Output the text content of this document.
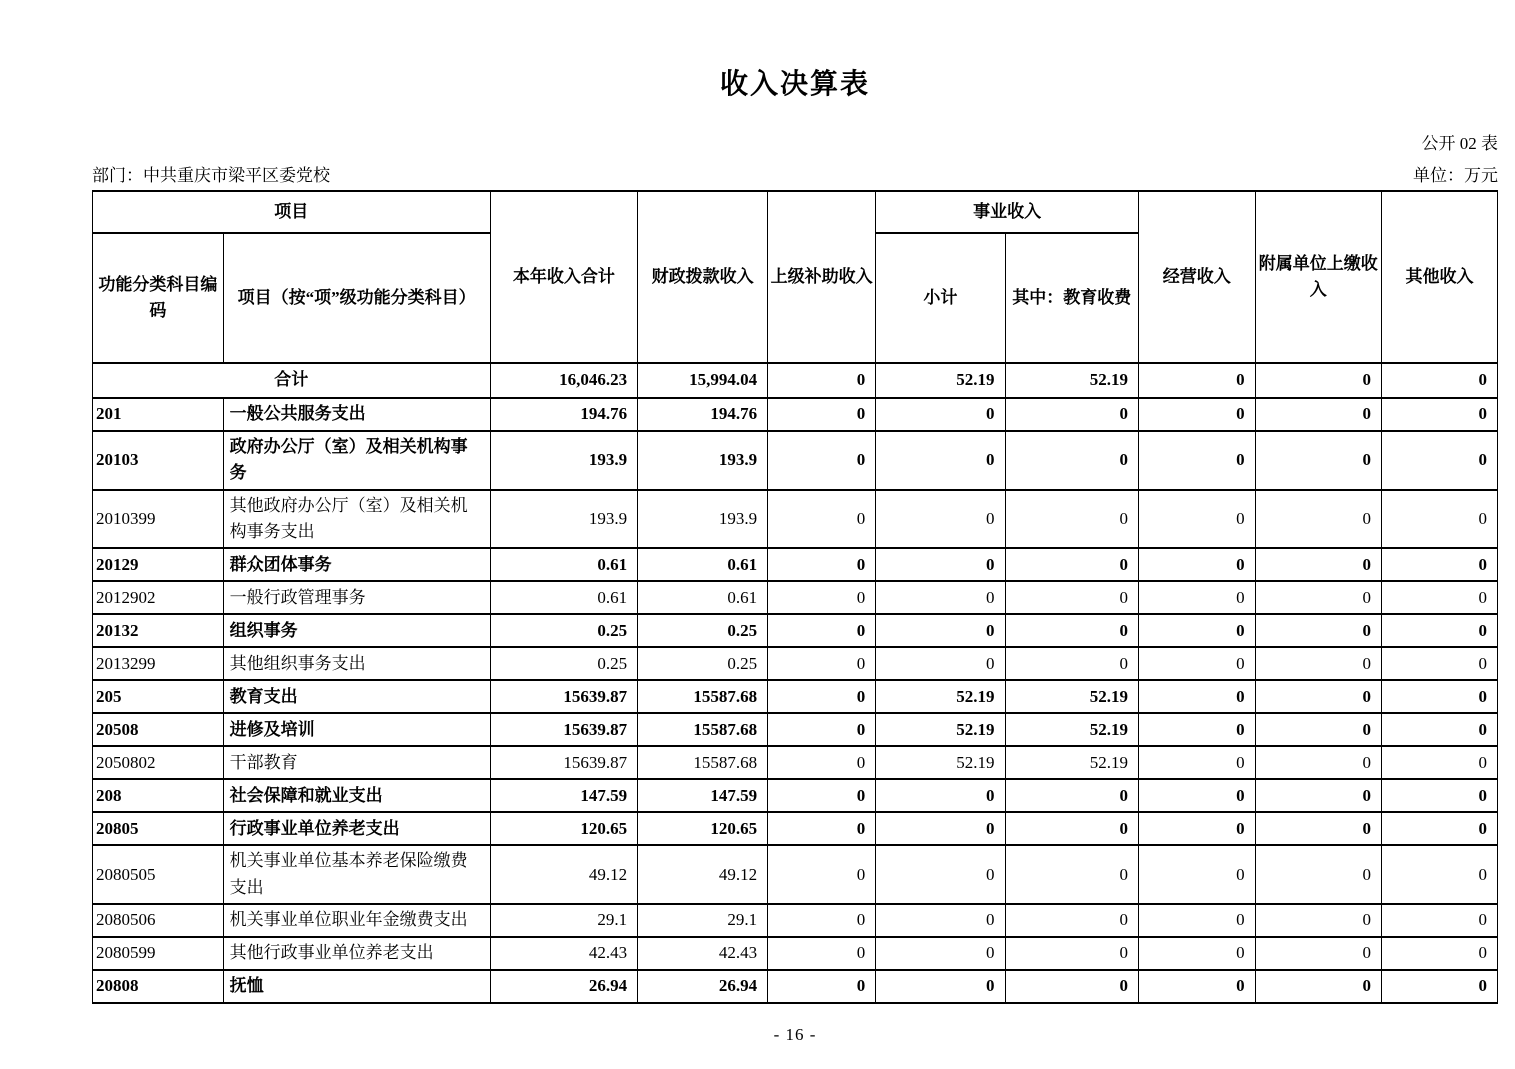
收入决算表
公开 02 表
部门：中共重庆市梁平区委党校	单位：万元
项目		本年收入合计	财政拨款收入	上级补助收入	事业收入		经营收入	附属单位上缴收入	其他收入
功能分类科目编码	项目（按“项”级功能分类科目）				小计	其中：教育收费			
合计		16,046.23	15,994.04	0	52.19	52.19	0	0	0
201	一般公共服务支出	194.76	194.76	0	0	0	0	0	0
20103	政府办公厅（室）及相关机构事务	193.9	193.9	0	0	0	0	0	0
2010399	其他政府办公厅（室）及相关机构事务支出	193.9	193.9	0	0	0	0	0	0
20129	群众团体事务	0.61	0.61	0	0	0	0	0	0
2012902	一般行政管理事务	0.61	0.61	0	0	0	0	0	0
20132	组织事务	0.25	0.25	0	0	0	0	0	0
2013299	其他组织事务支出	0.25	0.25	0	0	0	0	0	0
205	教育支出	15639.87	15587.68	0	52.19	52.19	0	0	0
20508	进修及培训	15639.87	15587.68	0	52.19	52.19	0	0	0
2050802	干部教育	15639.87	15587.68	0	52.19	52.19	0	0	0
208	社会保障和就业支出	147.59	147.59	0	0	0	0	0	0
20805	行政事业单位养老支出	120.65	120.65	0	0	0	0	0	0
2080505	机关事业单位基本养老保险缴费支出	49.12	49.12	0	0	0	0	0	0
2080506	机关事业单位职业年金缴费支出	29.1	29.1	0	0	0	0	0	0
2080599	其他行政事业单位养老支出	42.43	42.43	0	0	0	0	0	0
20808	抚恤	26.94	26.94	0	0	0	0	0	0
- 16 -
